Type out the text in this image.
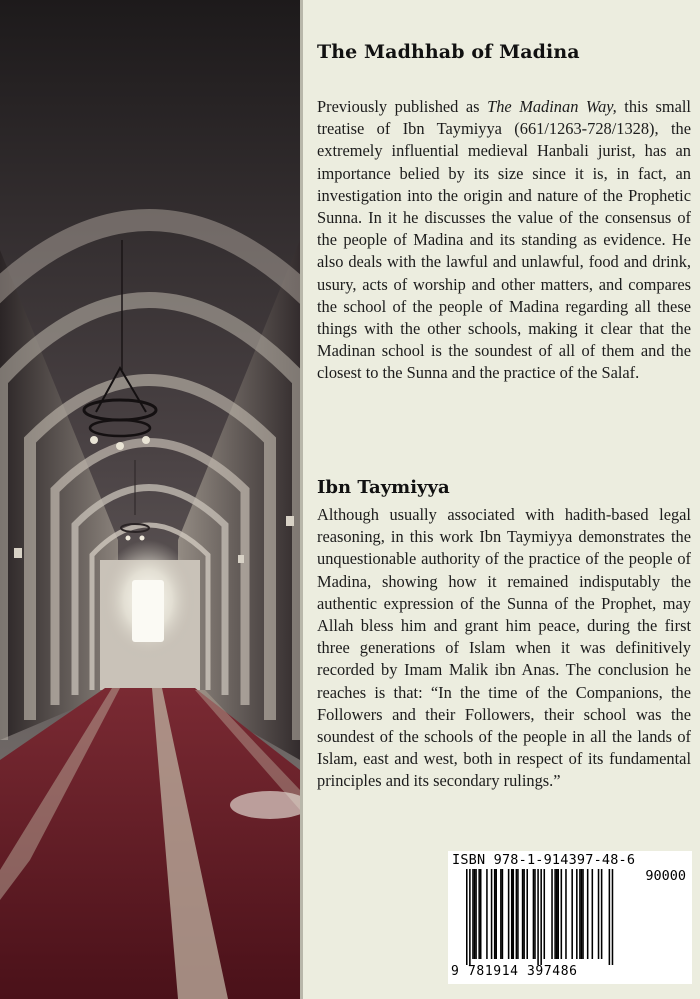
The Madhhab of Madina

Previously published as The Madinan Way, this small treatise of Ibn Taymiyya (661/1263-728/1328), the extremely influential medieval Hanbali jurist, has an importance belied by its size since it is, in fact, an investigation into the origin and nature of the Prophetic Sunna. In it he discusses the value of the consensus of the people of Madina and its standing as evidence. He also deals with the lawful and unlawful, food and drink, usury, acts of worship and other matters, and compares the school of the people of Madina regarding all these things with the other schools, making it clear that the Madinan school is the soundest of all of them and the closest to the Sunna and the practice of the Salaf.

Ibn Taymiyya

Although usually associated with hadith-based legal reasoning, in this work Ibn Taymiyya demonstrates the unquestionable authority of the practice of the people of Madina, showing how it remained indisputably the authentic expression of the Sunna of the Prophet, may Allah bless him and grant him peace, during the first three generations of Islam when it was definitively recorded by Imam Malik ibn Anas. The conclusion he reaches is that: “In the time of the Companions, the Followers and their Followers, their school was the soundest of the schools of the people in all the lands of Islam, east and west, both in respect of its fundamental principles and its secondary rulings.”

ISBN 978-1-914397-48-6
90000
9 781914 397486
